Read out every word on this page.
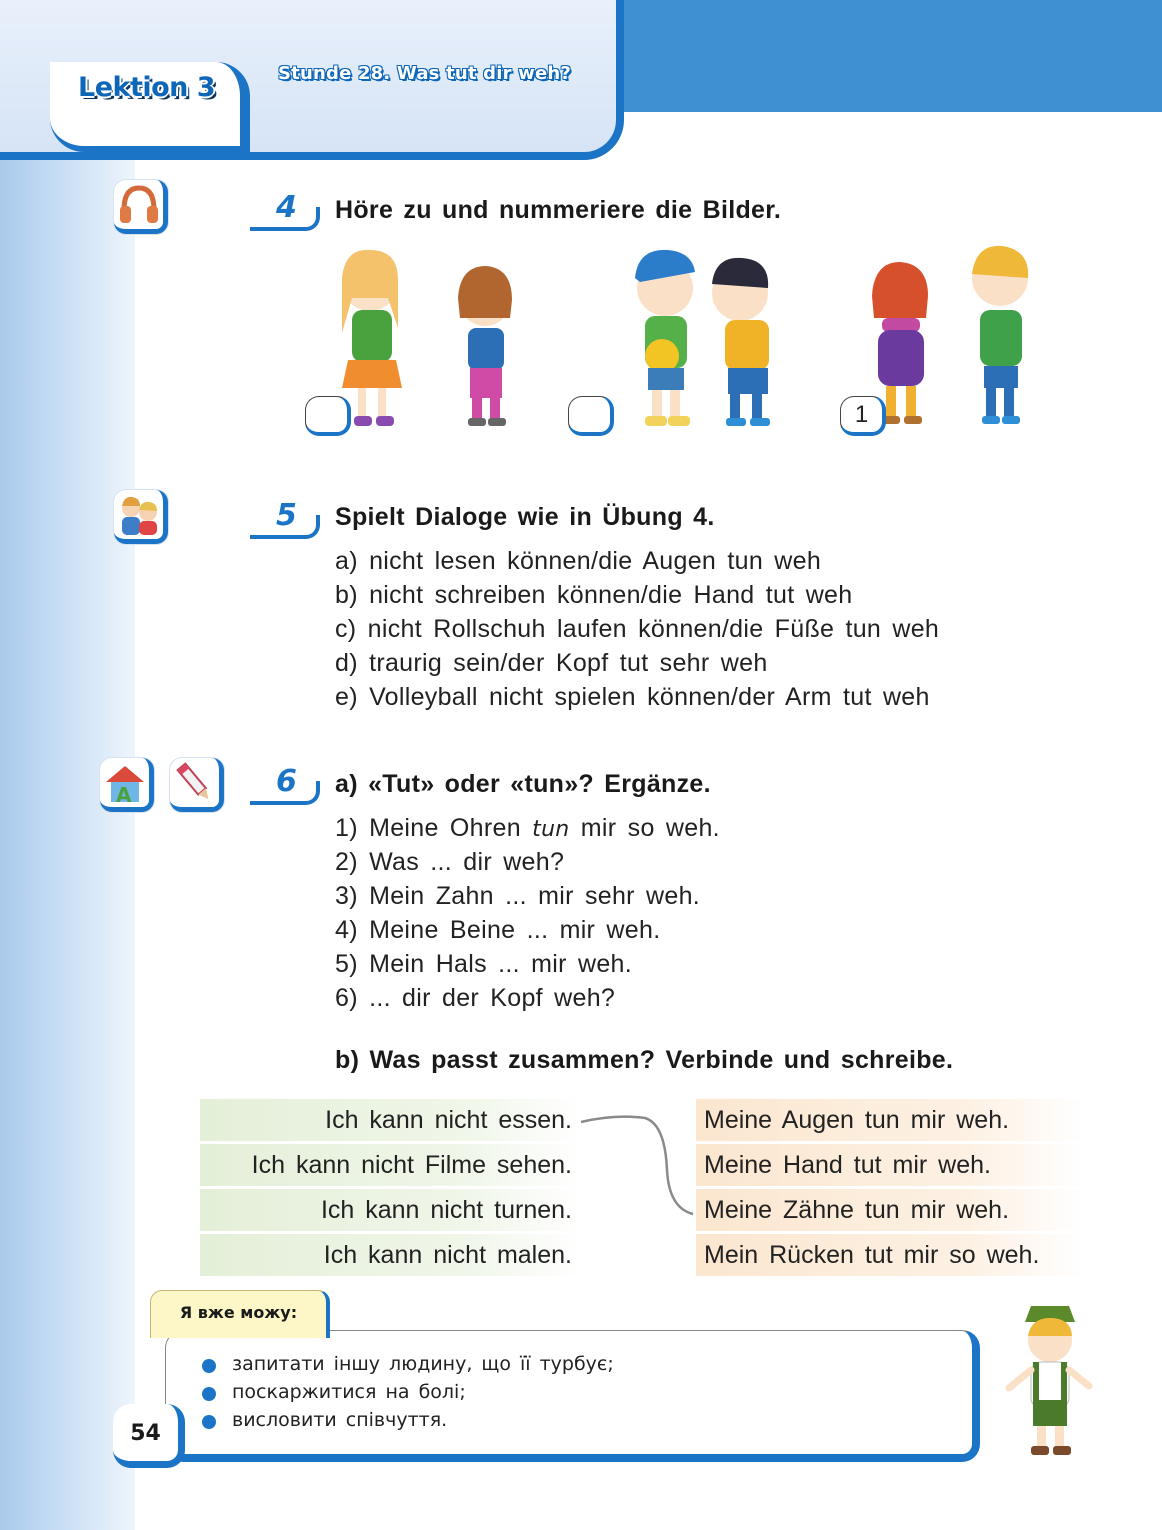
Lektion 3	Stunde 28. Was tut dir weh?
4 Höre zu und nummeriere die Bilder.
1
5 Spielt Dialoge wie in Übung 4.
a) nicht lesen können/die Augen tun weh
b) nicht schreiben können/die Hand tut weh
c) nicht Rollschuh laufen können/die Füße tun weh
d) traurig sein/der Kopf tut sehr weh
e) Volleyball nicht spielen können/der Arm tut weh
A	6 a) «Tut» oder «tun»? Ergänze.
1) Meine Ohren tun mir so weh.
2) Was ... dir weh?
3) Mein Zahn ... mir sehr weh.
4) Meine Beine ... mir weh.
5) Mein Hals ... mir weh.
6) ... dir der Kopf weh?
b) Was passt zusammen? Verbinde und schreibe.
Ich kann nicht essen.
Ich kann nicht Filme sehen.
Ich kann nicht turnen.
Ich kann nicht malen.
Meine Augen tun mir weh.
Meine Hand tut mir weh.
Meine Zähne tun mir weh.
Mein Rücken tut mir so weh.
Я вже можу:
запитати іншу людину, що її турбує;
поскаржитися на болі;
висловити співчуття.
54
